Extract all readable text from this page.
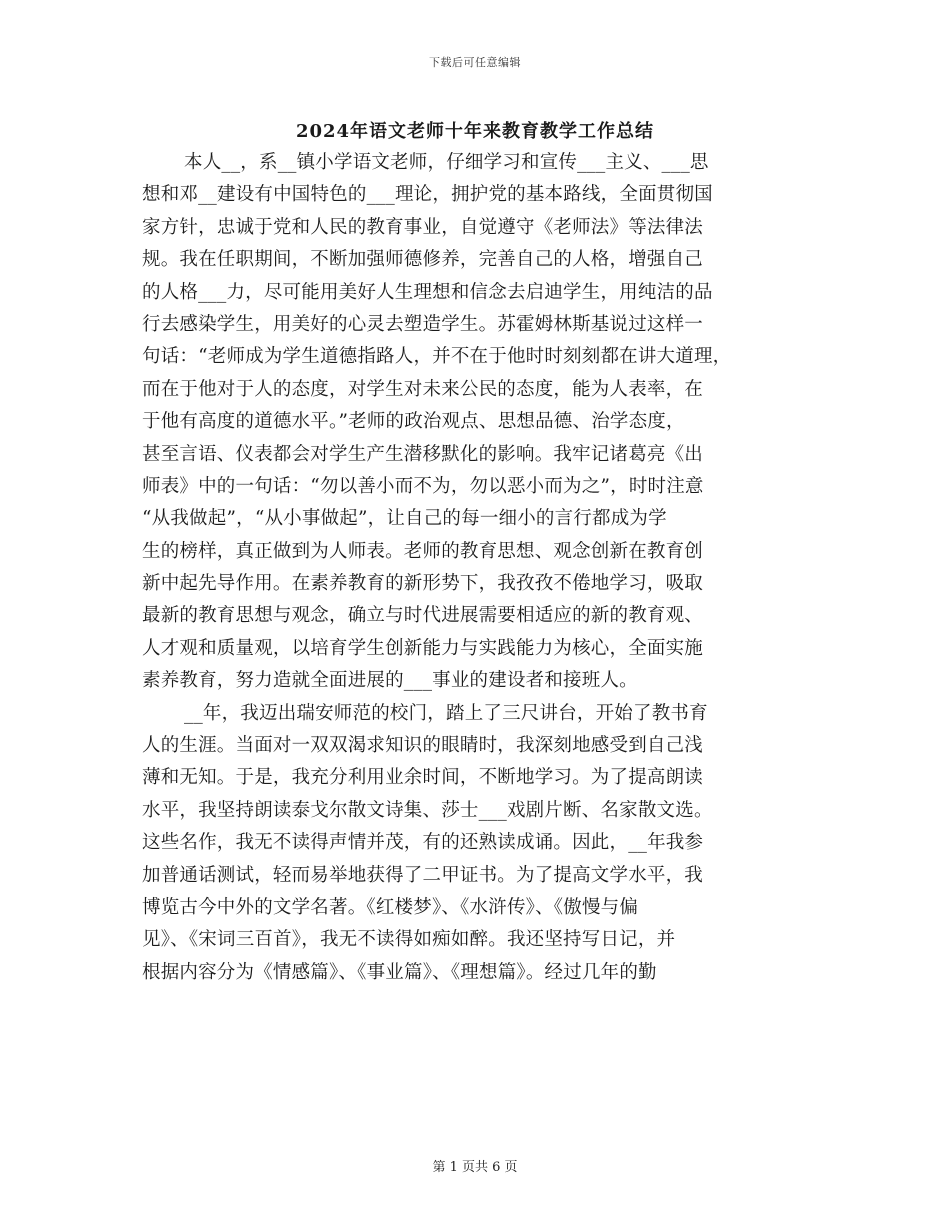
下载后可任意编辑
2024年语文老师十年来教育教学工作总结
本人__，系__镇小学语文老师，仔细学习和宣传___主义、___思
想和邓__建设有中国特色的___理论，拥护党的基本路线，全面贯彻国
家方针，忠诚于党和人民的教育事业，自觉遵守《老师法》等法律法
规。我在任职期间，不断加强师德修养，完善自己的人格，增强自己
的人格___力，尽可能用美好人生理想和信念去启迪学生，用纯洁的品
行去感染学生，用美好的心灵去塑造学生。苏霍姆林斯基说过这样一
句话：“老师成为学生道德指路人，并不在于他时时刻刻都在讲大道理，
而在于他对于人的态度，对学生对未来公民的态度，能为人表率，在
于他有高度的道德水平。”老师的政治观点、思想品德、治学态度，
甚至言语、仪表都会对学生产生潜移默化的影响。我牢记诸葛亮《出
师表》中的一句话：“勿以善小而不为，勿以恶小而为之”，时时注意
“从我做起”，“从小事做起”，让自己的每一细小的言行都成为学
生的榜样，真正做到为人师表。老师的教育思想、观念创新在教育创
新中起先导作用。在素养教育的新形势下，我孜孜不倦地学习，吸取
最新的教育思想与观念，确立与时代进展需要相适应的新的教育观、
人才观和质量观，以培育学生创新能力与实践能力为核心，全面实施
素养教育，努力造就全面进展的___事业的建设者和接班人。
__年，我迈出瑞安师范的校门，踏上了三尺讲台，开始了教书育
人的生涯。当面对一双双渴求知识的眼睛时，我深刻地感受到自己浅
薄和无知。于是，我充分利用业余时间，不断地学习。为了提高朗读
水平，我坚持朗读泰戈尔散文诗集、莎士___戏剧片断、名家散文选。
这些名作，我无不读得声情并茂，有的还熟读成诵。因此，__年我参
加普通话测试，轻而易举地获得了二甲证书。为了提高文学水平，我
博览古今中外的文学名著。《红楼梦》、《水浒传》、《傲慢与偏
见》、《宋词三百首》，我无不读得如痴如醉。我还坚持写日记，并
根据内容分为《情感篇》、《事业篇》、《理想篇》。经过几年的勤
第 1 页共 6 页
